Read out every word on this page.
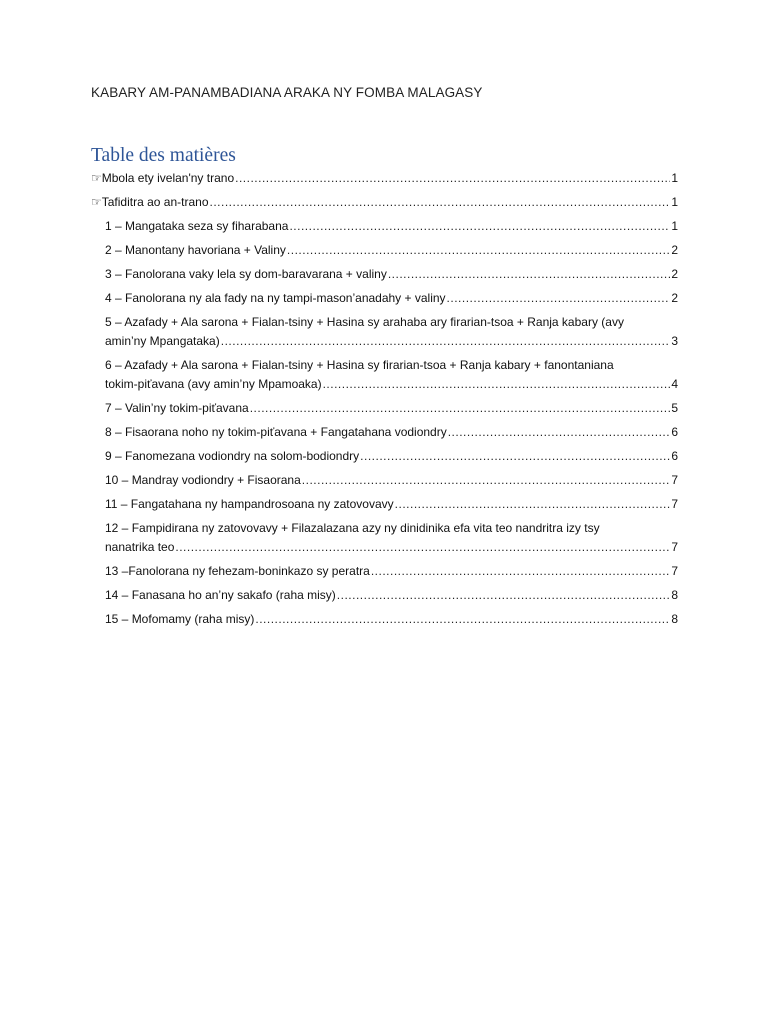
KABARY AM-PANAMBADIANA ARAKA NY FOMBA MALAGASY
Table des matières
☞Mbola ety ivelan'ny trano .....	1
☞Tafiditra ao an-trano .....	1
1 – Mangataka seza sy fiharabana .....	1
2 – Manontany havoriana + Valiny .....	2
3 – Fanolorana vaky lela sy dom-baravarana + valiny .....	2
4 – Fanolorana ny ala fady na ny tampi-mason’anadahy + valiny .....	2
5 – Azafady + Ala sarona + Fialan-tsiny + Hasina sy arahaba ary firarian-tsoa + Ranja kabary (avy
amin’ny Mpangataka) .....	3
6 – Azafady + Ala sarona + Fialan-tsiny + Hasina sy firarian-tsoa + Ranja kabary + fanontaniana
tokim-piťavana (avy amin’ny Mpamoaka) .....	4
7 – Valin’ny tokim-piťavana .....	5
8 – Fisaorana noho ny tokim-piťavana + Fangatahana vodiondry .....	6
9 – Fanomezana vodiondry na solom-bodiondry .....	6
10 – Mandray vodiondry + Fisaorana .....	7
11 – Fangatahana ny hampandrosoana ny zatovovavy .....	7
12 – Fampidirana ny zatovovavy + Filazalazana azy ny dinidinika efa vita teo nandritra izy tsy
nanatrika teo .....	7
13 –Fanolorana ny fehezam-boninkazo sy peratra .....	7
14 – Fanasana ho an’ny sakafo (raha misy) .....	8
15 – Mofomamy (raha misy) .....	8
